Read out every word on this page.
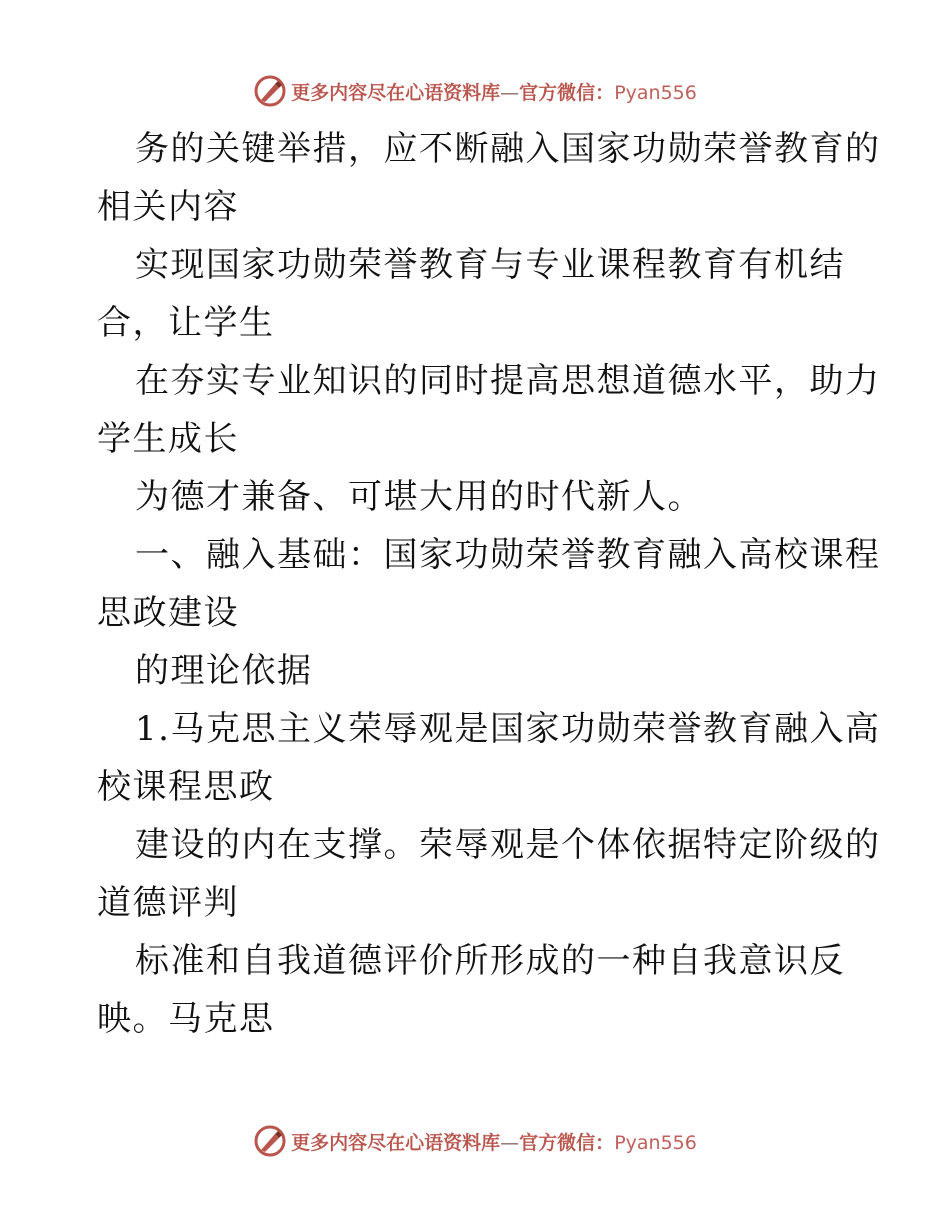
更多内容尽在心语资料库—官方微信：Pyan556

务的关键举措，应不断融入国家功勋荣誉教育的
相关内容
实现国家功勋荣誉教育与专业课程教育有机结
合，让学生
在夯实专业知识的同时提高思想道德水平，助力
学生成长
为德才兼备、可堪大用的时代新人。
一、融入基础：国家功勋荣誉教育融入高校课程
思政建设
的理论依据
1.马克思主义荣辱观是国家功勋荣誉教育融入高
校课程思政
建设的内在支撑。荣辱观是个体依据特定阶级的
道德评判
标准和自我道德评价所形成的一种自我意识反
映。马克思

更多内容尽在心语资料库—官方微信：Pyan556
